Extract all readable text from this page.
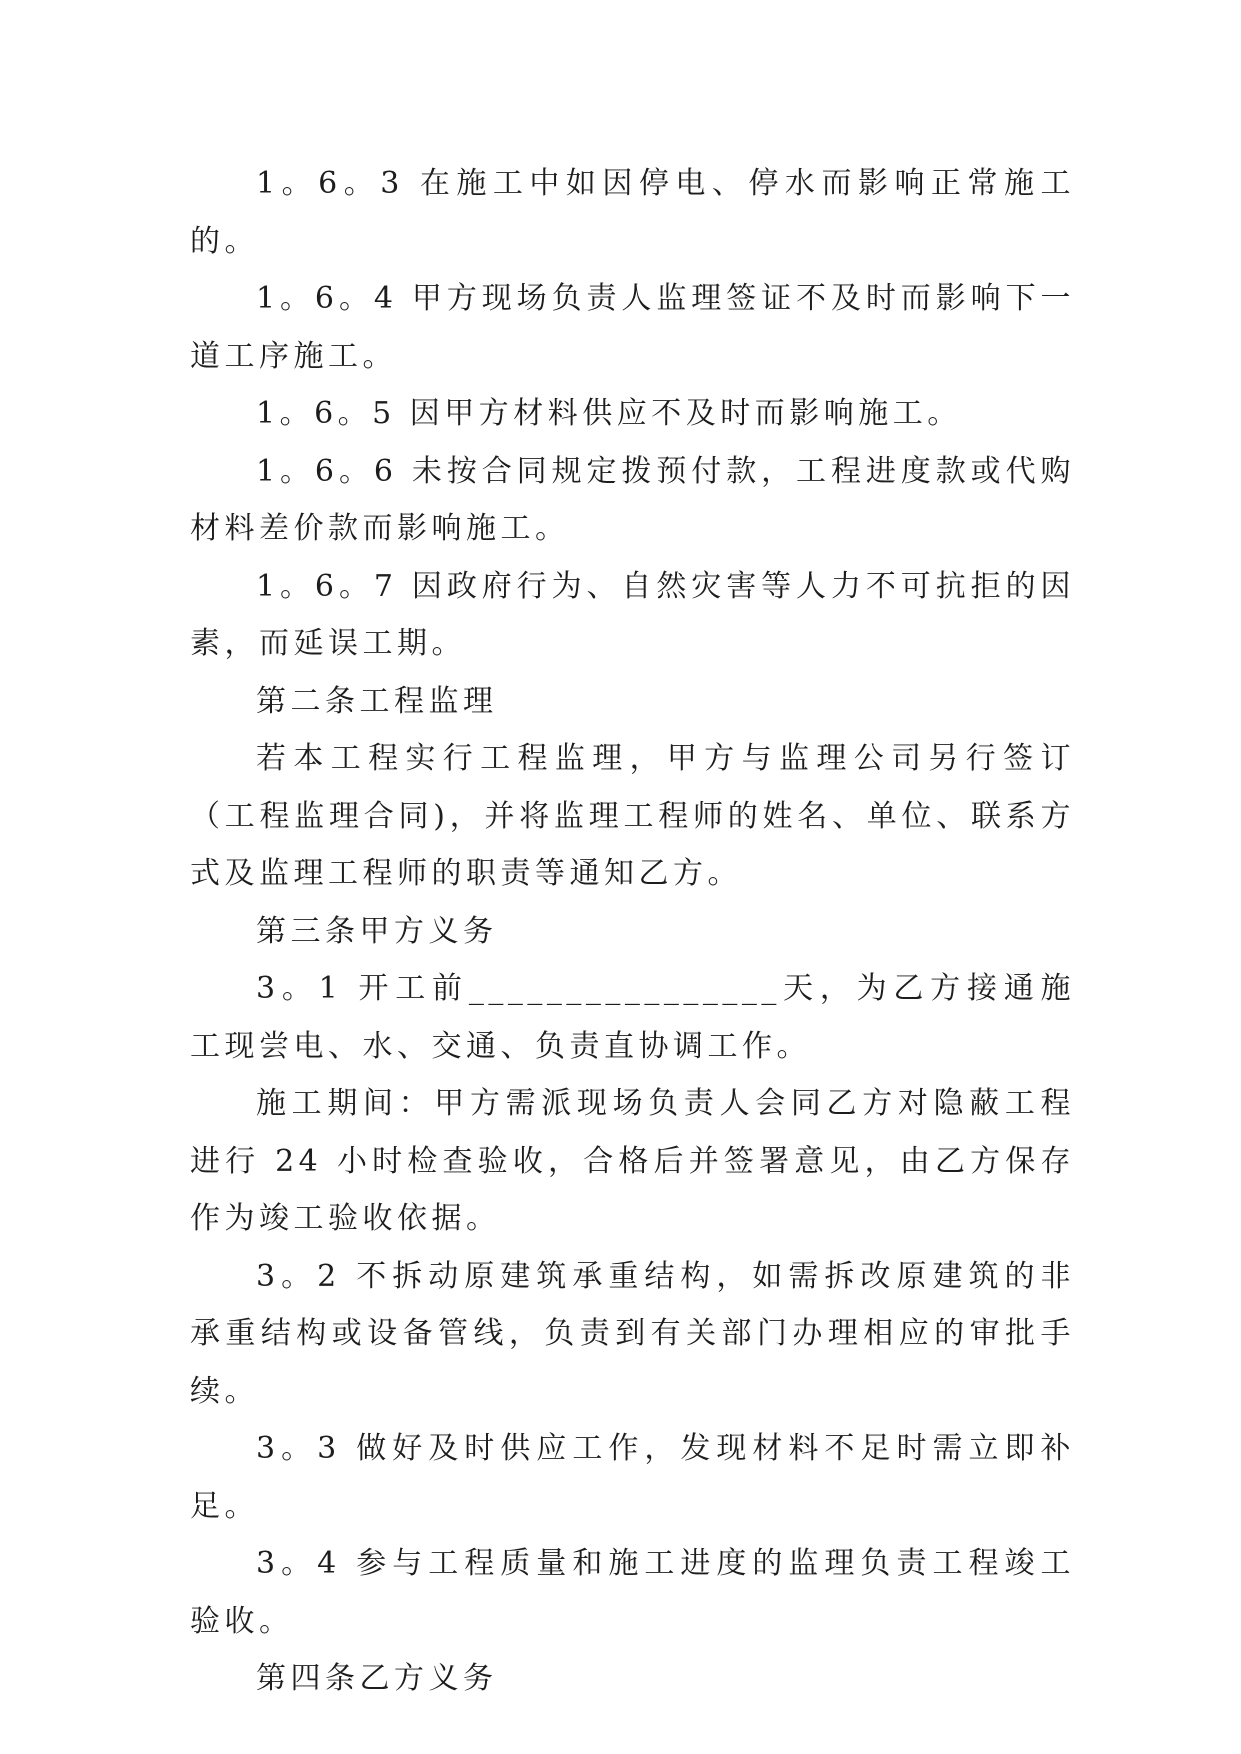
1。6。3 在施工中如因停电、停水而影响正常施工的。

1。6。4 甲方现场负责人监理签证不及时而影响下一道工序施工。

1。6。5 因甲方材料供应不及时而影响施工。

1。6。6 未按合同规定拨预付款，工程进度款或代购材料差价款而影响施工。

1。6。7 因政府行为、自然灾害等人力不可抗拒的因素，而延误工期。

第二条工程监理

若本工程实行工程监理，甲方与监理公司另行签订（工程监理合同)，并将监理工程师的姓名、单位、联系方式及监理工程师的职责等通知乙方。

第三条甲方义务

3。1 开工前________________天，为乙方接通施工现尝电、水、交通、负责直协调工作。

施工期间：甲方需派现场负责人会同乙方对隐蔽工程进行 24 小时检查验收，合格后并签署意见，由乙方保存作为竣工验收依据。

3。2 不拆动原建筑承重结构，如需拆改原建筑的非承重结构或设备管线，负责到有关部门办理相应的审批手续。

3。3 做好及时供应工作，发现材料不足时需立即补足。

3。4 参与工程质量和施工进度的监理负责工程竣工验收。

第四条乙方义务
